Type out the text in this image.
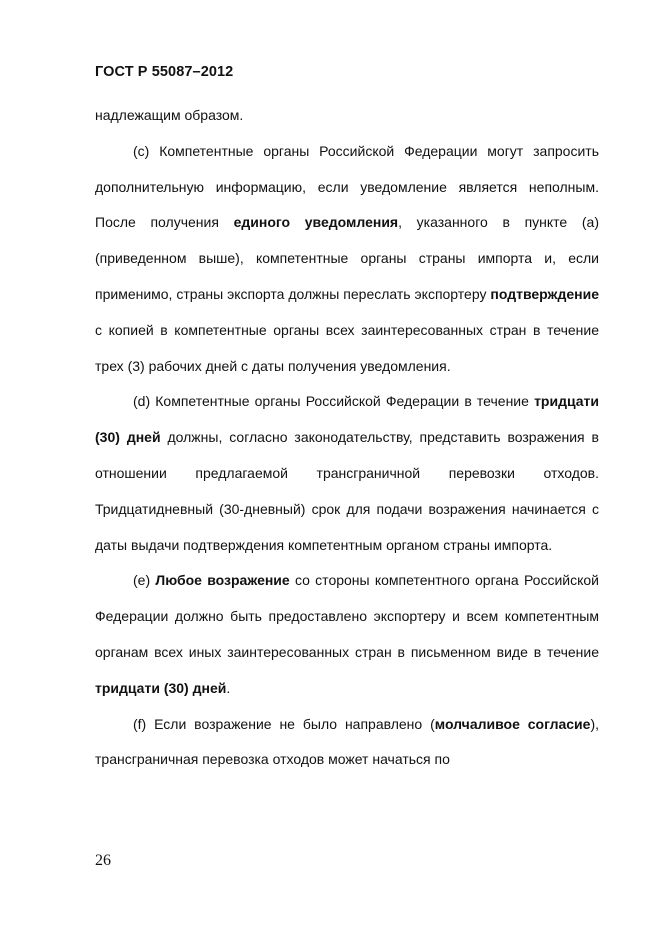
ГОСТ Р 55087–2012

надлежащим образом.

(c) Компетентные органы Российской Федерации могут запросить дополнительную информацию, если уведомление является неполным. После получения единого уведомления, указанного в пункте (a) (приведенном выше), компетентные органы страны импорта и, если применимо, страны экспорта должны переслать экспортеру подтверждение с копией в компетентные органы всех заинтересованных стран в течение трех (3) рабочих дней с даты получения уведомления.

(d) Компетентные органы Российской Федерации в течение тридцати (30) дней должны, согласно законодательству, представить возражения в отношении предлагаемой трансграничной перевозки отходов. Тридцатидневный (30-дневный) срок для подачи возражения начинается с даты выдачи подтверждения компетентным органом страны импорта.

(e) Любое возражение со стороны компетентного органа Российской Федерации должно быть предоставлено экспортеру и всем компетентным органам всех иных заинтересованных стран в письменном виде в течение тридцати (30) дней.

(f) Если возражение не было направлено (молчаливое согласие), трансграничная перевозка отходов может начаться по

26
